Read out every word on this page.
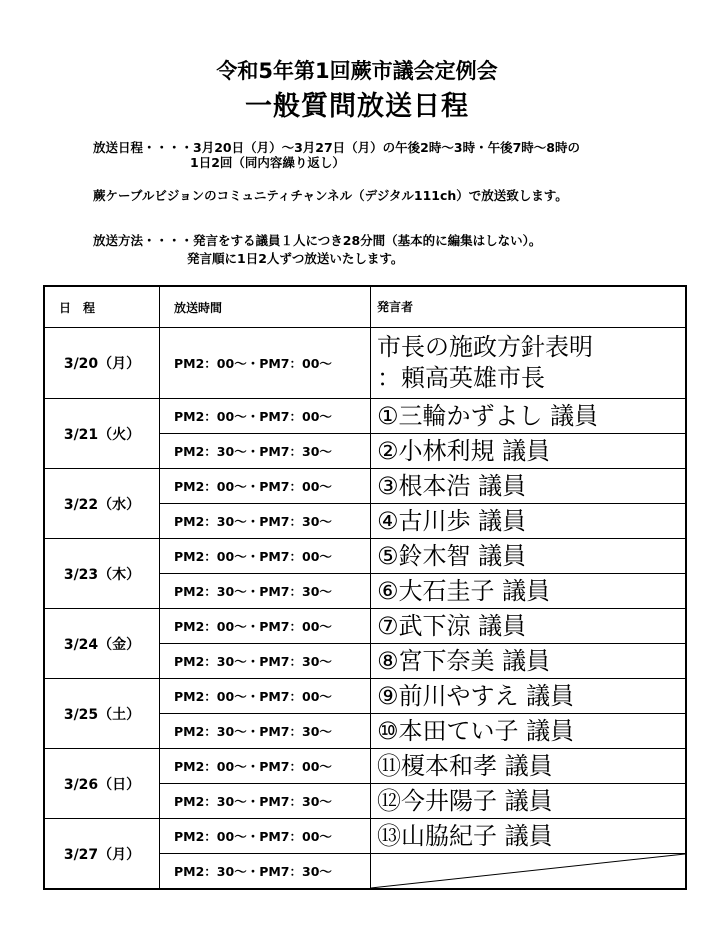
令和5年第1回蕨市議会定例会
一般質問放送日程
放送日程・・・・3月20日（月）～3月27日（月）の午後2時～3時・午後7時～8時の
1日2回（同内容繰り返し）
蕨ケーブルビジョンのコミュニティチャンネル（デジタル111ch）で放送致します。
放送方法・・・・発言をする議員１人につき28分間（基本的に編集はしない）。
発言順に1日2人ずつ放送いたします。
日　程	放送時間	発言者
3/20（月）	PM2：00～・PM7：00～	市長の施政方針表明
：頼高英雄市長

3/21（火）	PM2：00～・PM7：00～	①三輪かずよし 議員
	PM2：30～・PM7：30～	②小林利規 議員
3/22（水）	PM2：00～・PM7：00～	③根本浩 議員
	PM2：30～・PM7：30～	④古川歩 議員
3/23（木）	PM2：00～・PM7：00～	⑤鈴木智 議員
	PM2：30～・PM7：30～	⑥大石圭子 議員
3/24（金）	PM2：00～・PM7：00～	⑦武下涼 議員
	PM2：30～・PM7：30～	⑧宮下奈美 議員
3/25（土）	PM2：00～・PM7：00～	⑨前川やすえ 議員
	PM2：30～・PM7：30～	⑩本田てい子 議員
3/26（日）	PM2：00～・PM7：00～	⑪榎本和孝 議員
	PM2：30～・PM7：30～	⑫今井陽子 議員
3/27（月）	PM2：00～・PM7：00～	⑬山脇紀子 議員
	PM2：30～・PM7：30～	
